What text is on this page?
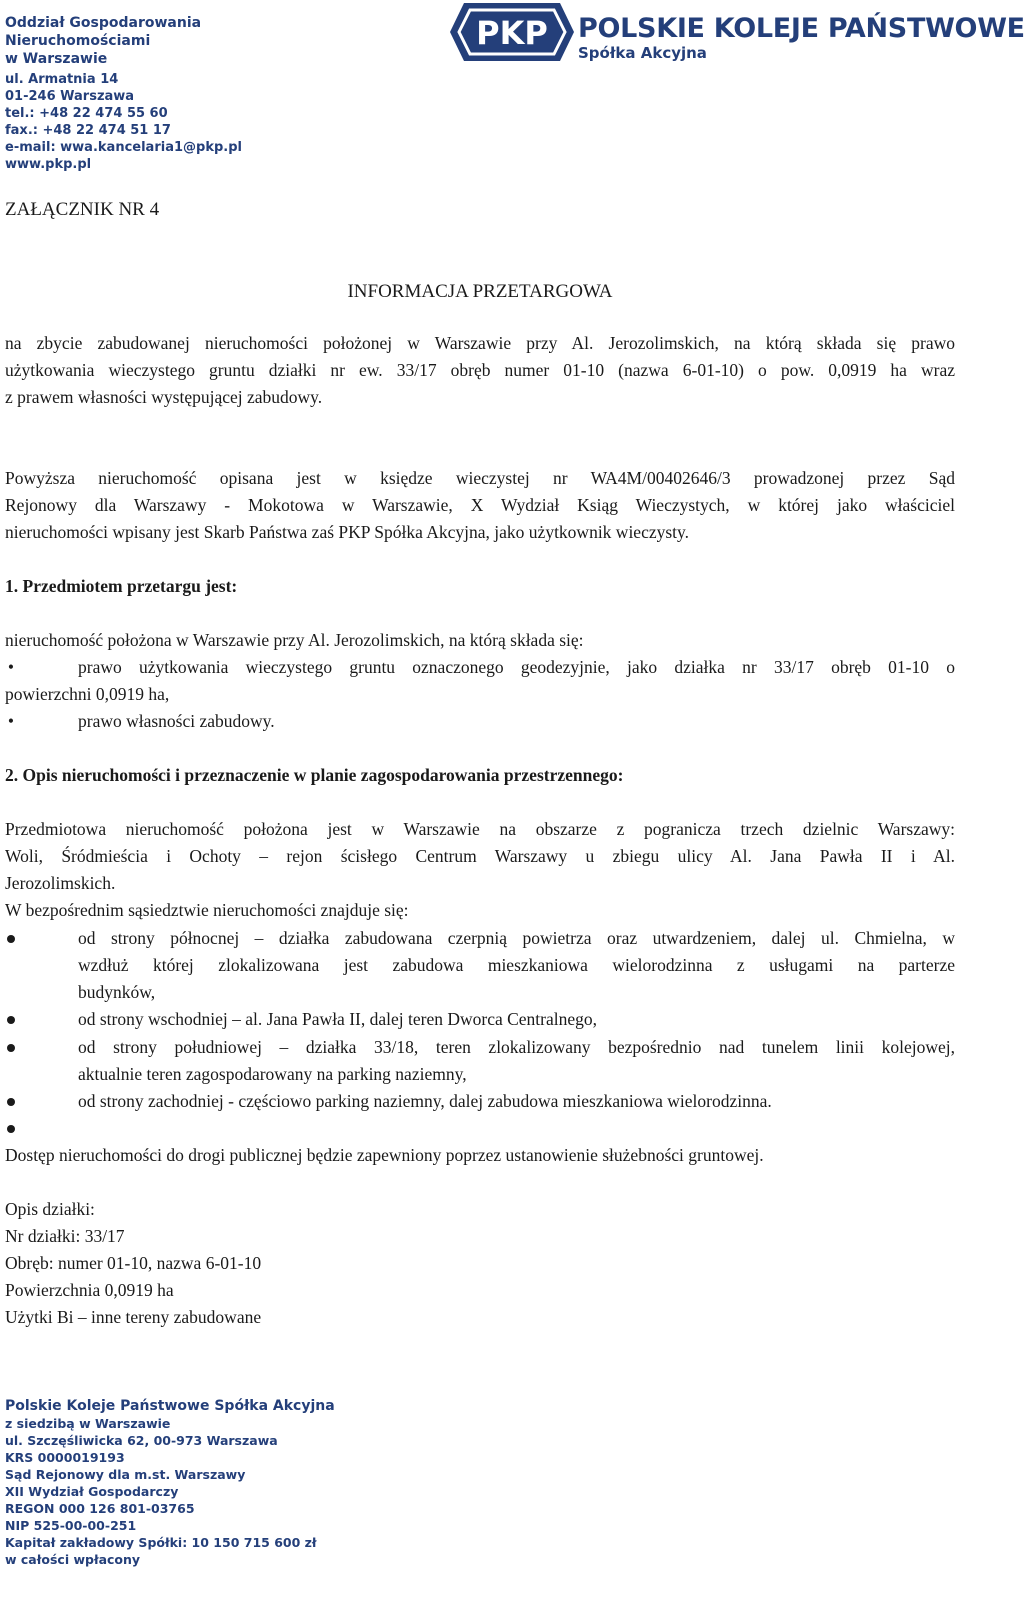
Oddział Gospodarowania Nieruchomościami
w Warszawie
ul. Armatnia 14
01-246 Warszawa
tel.: +48 22 474 55 60
fax.: +48 22 474 51 17
e-mail: wwa.kancelaria1@pkp.pl
www.pkp.pl
PKP POLSKIE KOLEJE PAŃSTWOWE
Spółka Akcyjna
ZAŁĄCZNIK NR 4
INFORMACJA PRZETARGOWA
na zbycie zabudowanej nieruchomości położonej w Warszawie przy Al. Jerozolimskich, na którą składa się prawo
użytkowania wieczystego gruntu działki nr ew. 33/17 obręb numer 01-10 (nazwa 6-01-10) o pow. 0,0919 ha wraz
z prawem własności występującej zabudowy.
Powyższa nieruchomość opisana jest w księdze wieczystej nr WA4M/00402646/3 prowadzonej przez Sąd
Rejonowy dla Warszawy - Mokotowa w Warszawie, X Wydział Ksiąg Wieczystych, w której jako właściciel
nieruchomości wpisany jest Skarb Państwa zaś PKP Spółka Akcyjna, jako użytkownik wieczysty.
1. Przedmiotem przetargu jest:
nieruchomość położona w Warszawie przy Al. Jerozolimskich, na którą składa się:
•	prawo użytkowania wieczystego gruntu oznaczonego geodezyjnie, jako działka nr 33/17 obręb 01-10 o
powierzchni 0,0919 ha,
•	prawo własności zabudowy.
2. Opis nieruchomości i przeznaczenie w planie zagospodarowania przestrzennego:
Przedmiotowa nieruchomość położona jest w Warszawie na obszarze z pogranicza trzech dzielnic Warszawy:
Woli, Śródmieścia i Ochoty – rejon ścisłego Centrum Warszawy u zbiegu ulicy Al. Jana Pawła II i Al.
Jerozolimskich.
W bezpośrednim sąsiedztwie nieruchomości znajduje się:
od strony północnej – działka zabudowana czerpnią powietrza oraz utwardzeniem, dalej ul. Chmielna, w
wzdłuż której zlokalizowana jest zabudowa mieszkaniowa wielorodzinna z usługami na parterze
budynków,
od strony wschodniej – al. Jana Pawła II, dalej teren Dworca Centralnego,
od strony południowej – działka 33/18, teren zlokalizowany bezpośrednio nad tunelem linii kolejowej,
aktualnie teren zagospodarowany na parking naziemny,
od strony zachodniej - częściowo parking naziemny, dalej zabudowa mieszkaniowa wielorodzinna.
Dostęp nieruchomości do drogi publicznej będzie zapewniony poprzez ustanowienie służebności gruntowej.
Opis działki:
Nr działki: 33/17
Obręb: numer 01-10, nazwa 6-01-10
Powierzchnia 0,0919 ha
Użytki Bi – inne tereny zabudowane
Polskie Koleje Państwowe Spółka Akcyjna
z siedzibą w Warszawie
ul. Szczęśliwicka 62, 00-973 Warszawa
KRS 0000019193
Sąd Rejonowy dla m.st. Warszawy
XII Wydział Gospodarczy
REGON 000 126 801-03765
NIP 525-00-00-251
Kapitał zakładowy Spółki: 10 150 715 600 zł
w całości wpłacony
